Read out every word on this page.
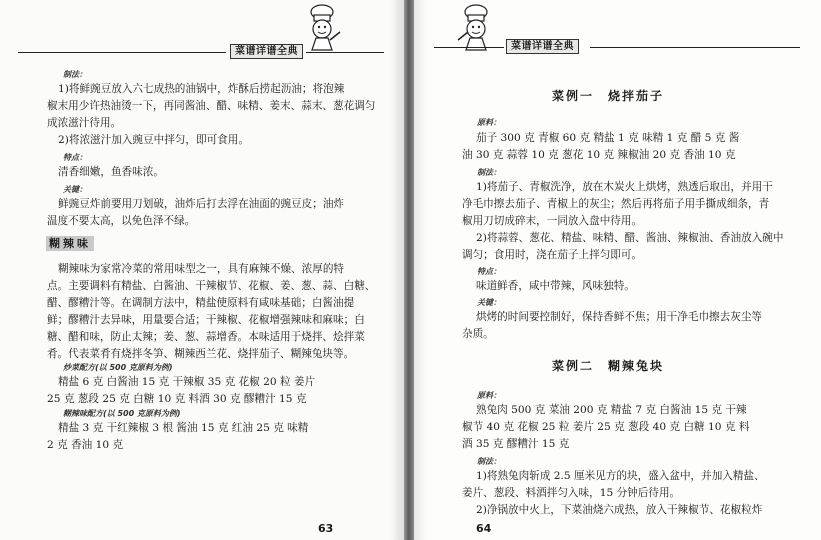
菜谱详谱全典

制法：

1)将鲜豌豆放入六七成热的油锅中，炸酥后捞起沥油；将泡辣

椒末用少许热油烫一下，再同酱油、醋、味精、姜末、蒜末、葱花调匀

成浓滋汁待用。

2)将浓滋汁加入豌豆中拌匀，即可食用。

特点：

清香细嫩，鱼香味浓。

关键：

鲜豌豆炸前要用刀划破，油炸后打去浮在油面的豌豆皮；油炸

温度不要太高，以免色泽不绿。

糊辣味

糊辣味为家常冷菜的常用味型之一，具有麻辣不燥、浓厚的特

点。主要调料有精盐、白酱油、干辣椒节、花椒、姜、葱、蒜、白糖、

醋、醪糟汁等。在调制方法中，精盐使原料有咸味基础；白酱油提

鲜；醪糟汁去异味，用量要合适；干辣椒、花椒增强辣味和麻味；白

糖、醋和味，防止太辣；姜、葱、蒜增香。本味适用于烧拌、烩拌菜

肴。代表菜肴有烧拌冬笋、糊辣西兰花、烧拌茄子、糊辣兔块等。

炒菜配方(以 500 克原料为例)

精盐 6 克 白酱油 15 克 干辣椒 35 克 花椒 20 粒 姜片

25 克 葱段 25 克 白糖 10 克 料酒 30 克 醪糟汁 15 克

糊辣味配方(以 500 克原料为例)

精盐 3 克 干红辣椒 3 根 酱油 15 克 红油 25 克 味精

2 克 香油 10 克

63
菜谱详谱全典

菜例一　烧拌茄子

原料：

茄子 300 克 青椒 60 克 精盐 1 克 味精 1 克 醋 5 克 酱

油 30 克 蒜蓉 10 克 葱花 10 克 辣椒油 20 克 香油 10 克

制法：

1)将茄子、青椒洗净，放在木炭火上烘烤，熟透后取出，并用干

净毛巾擦去茄子、青椒上的灰尘；然后再将茄子用手撕成细条，青

椒用刀切成碎末，一同放入盘中待用。

2)将蒜蓉、葱花、精盐、味精、醋、酱油、辣椒油、香油放入碗中

调匀；食用时，浇在茄子上拌匀即可。

特点：

味道鲜香，咸中带辣，风味独特。

关键：

烘烤的时间要控制好，保持香鲜不焦；用干净毛巾擦去灰尘等

杂质。

菜例二　糊辣兔块

原料：

熟兔肉 500 克 菜油 200 克 精盐 7 克 白酱油 15 克 干辣

椒节 40 克 花椒 25 粒 姜片 25 克 葱段 40 克 白糖 10 克 料

酒 35 克 醪糟汁 15 克

制法：

1)将熟兔肉斩成 2.5 厘米见方的块，盛入盆中，并加入精盐、

姜片、葱段、料酒拌匀入味，15 分钟后待用。

2)净锅放中火上，下菜油烧六成热，放入干辣椒节、花椒粒炸

64
